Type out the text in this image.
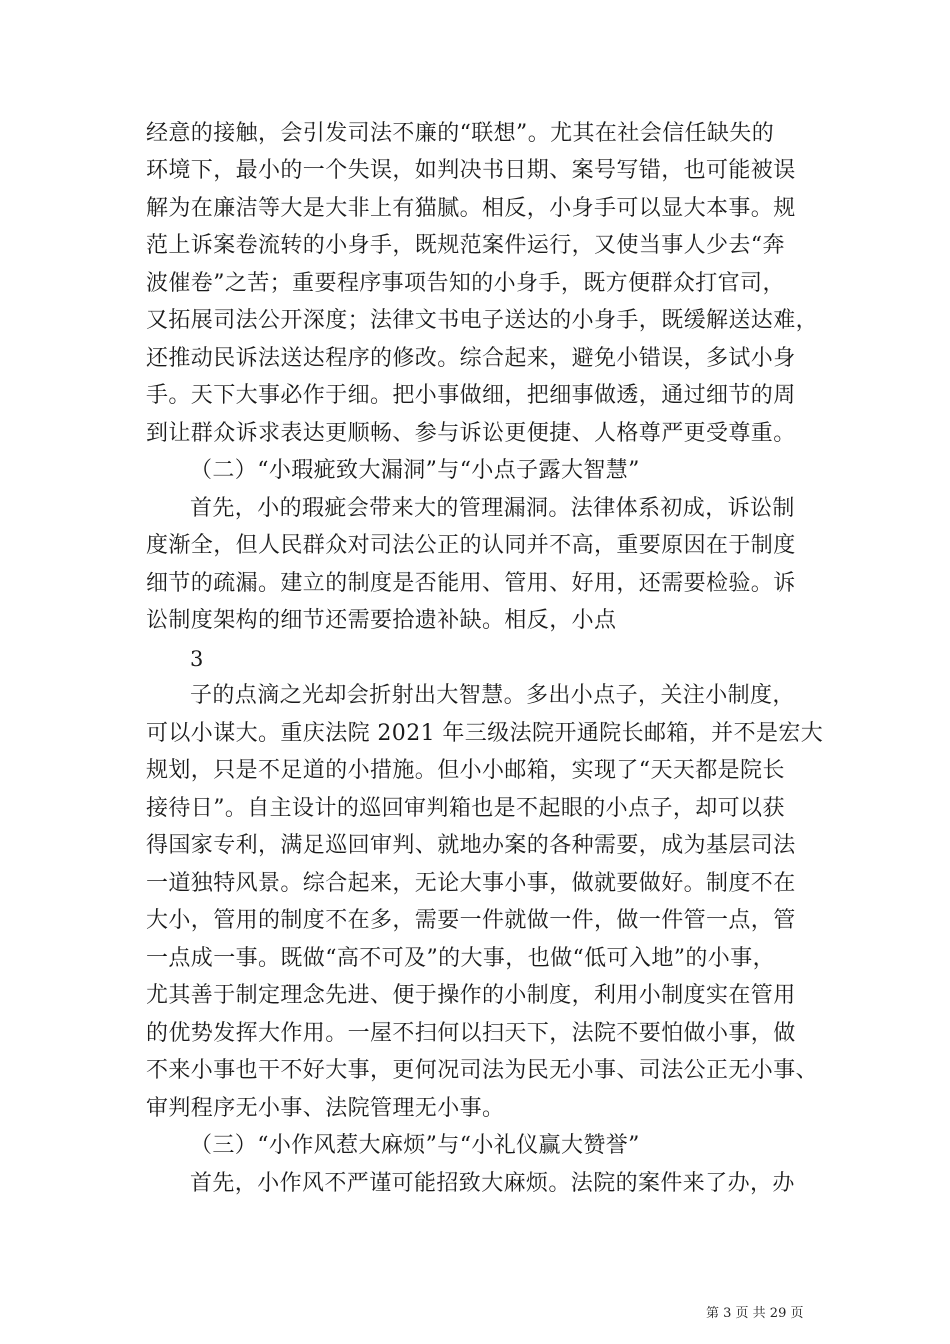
经意的接触，会引发司法不廉的“联想”。尤其在社会信任缺失的
环境下，最小的一个失误，如判决书日期、案号写错，也可能被误
解为在廉洁等大是大非上有猫腻。相反，小身手可以显大本事。规
范上诉案卷流转的小身手，既规范案件运行，又使当事人少去“奔
波催卷”之苦；重要程序事项告知的小身手，既方便群众打官司，
又拓展司法公开深度；法律文书电子送达的小身手，既缓解送达难，
还推动民诉法送达程序的修改。综合起来，避免小错误，多试小身
手。天下大事必作于细。把小事做细，把细事做透，通过细节的周
到让群众诉求表达更顺畅、参与诉讼更便捷、人格尊严更受尊重。
（二）“小瑕疵致大漏洞”与“小点子露大智慧”
首先，小的瑕疵会带来大的管理漏洞。法律体系初成，诉讼制
度渐全，但人民群众对司法公正的认同并不高，重要原因在于制度
细节的疏漏。建立的制度是否能用、管用、好用，还需要检验。诉
讼制度架构的细节还需要拾遗补缺。相反，小点
3
子的点滴之光却会折射出大智慧。多出小点子，关注小制度，
可以小谋大。重庆法院 2021 年三级法院开通院长邮箱，并不是宏大
规划，只是不足道的小措施。但小小邮箱，实现了“天天都是院长
接待日”。自主设计的巡回审判箱也是不起眼的小点子，却可以获
得国家专利，满足巡回审判、就地办案的各种需要，成为基层司法
一道独特风景。综合起来，无论大事小事，做就要做好。制度不在
大小，管用的制度不在多，需要一件就做一件，做一件管一点，管
一点成一事。既做“高不可及”的大事，也做“低可入地”的小事，
尤其善于制定理念先进、便于操作的小制度，利用小制度实在管用
的优势发挥大作用。一屋不扫何以扫天下，法院不要怕做小事，做
不来小事也干不好大事，更何况司法为民无小事、司法公正无小事、
审判程序无小事、法院管理无小事。
（三）“小作风惹大麻烦”与“小礼仪赢大赞誉”
首先，小作风不严谨可能招致大麻烦。法院的案件来了办，办
第 3 页 共 29 页
